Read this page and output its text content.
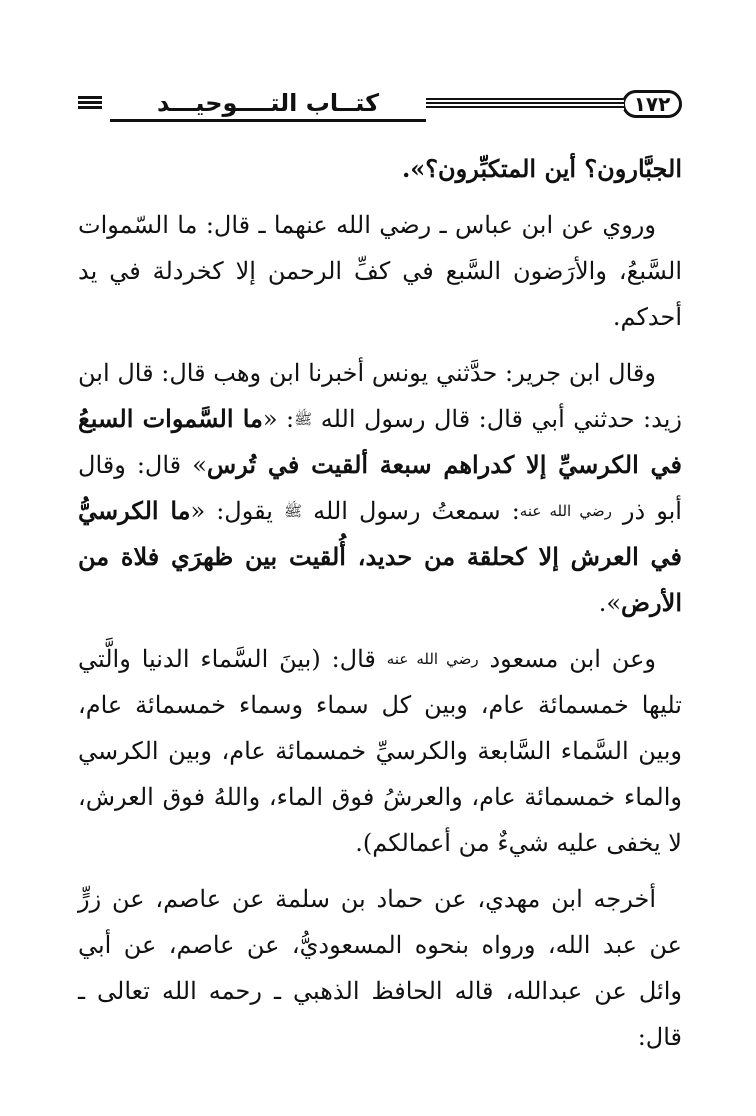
١٧٢
كتــاب التــــوحيـــد

الجبَّارون؟ أين المتكبِّرون؟».

وروي عن ابن عباس ـ رضي الله عنهما ـ قال: ما السّموات السَّبعُ، والأرَضون السَّبع في كفِّ الرحمن إلا كخردلة في يد أحدكم.

وقال ابن جرير: حدَّثني يونس أخبرنا ابن وهب قال: قال ابن زيد: حدثني أبي قال: قال رسول الله ﷺ: «ما السَّموات السبعُ في الكرسيِّ إلا كدراهم سبعة ألقيت في تُرس» قال: وقال أبو ذر رضي الله عنه: سمعتُ رسول الله ﷺ يقول: «ما الكرسيُّ في العرش إلا كحلقة من حديد، أُلقيت بين ظهرَي فلاة من الأرض».

وعن ابن مسعود رضي الله عنه قال: (بينَ السَّماء الدنيا والَّتي تليها خمسمائة عام، وبين كل سماء وسماء خمسمائة عام، وبين السَّماء السَّابعة والكرسيِّ خمسمائة عام، وبين الكرسي والماء خمسمائة عام، والعرشُ فوق الماء، واللهُ فوق العرش، لا يخفى عليه شيءٌ من أعمالكم).

أخرجه ابن مهدي، عن حماد بن سلمة عن عاصم، عن زرٍّ عن عبد الله، ورواه بنحوه المسعوديُّ، عن عاصم، عن أبي وائل عن عبدالله، قاله الحافظ الذهبي ـ رحمه الله تعالى ـ قال:
